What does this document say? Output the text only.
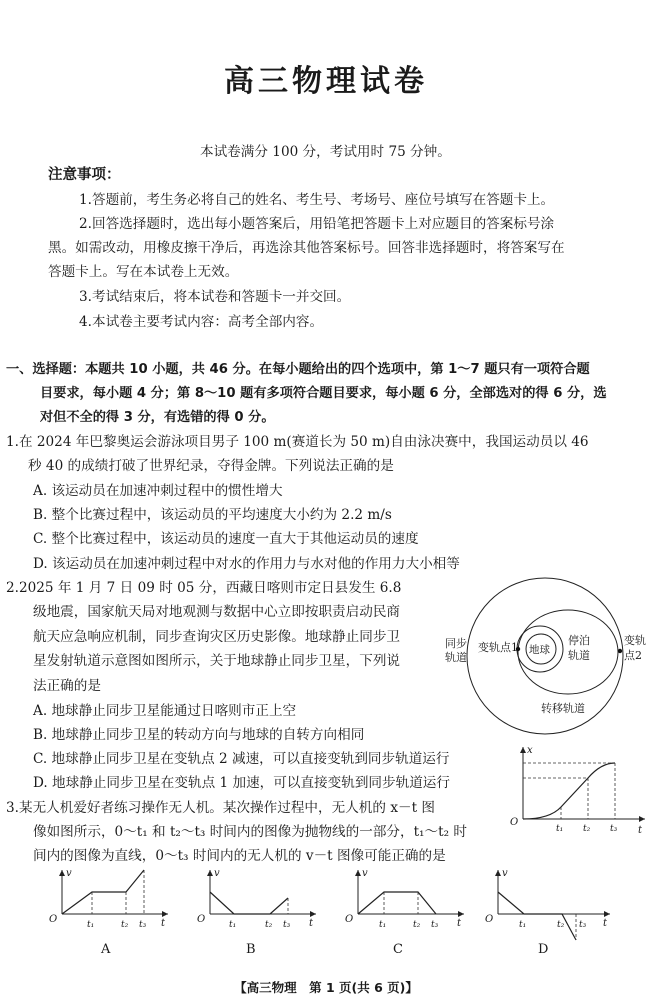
高三物理试卷
本试卷满分 100 分，考试用时 75 分钟。
注意事项：
1.答题前，考生务必将自己的姓名、考生号、考场号、座位号填写在答题卡上。
2.回答选择题时，选出每小题答案后，用铅笔把答题卡上对应题目的答案标号涂
黑。如需改动，用橡皮擦干净后，再选涂其他答案标号。回答非选择题时，将答案写在
答题卡上。写在本试卷上无效。
3.考试结束后，将本试卷和答题卡一并交回。
4.本试卷主要考试内容：高考全部内容。
一、选择题：本题共 10 小题，共 46 分。在每小题给出的四个选项中，第 1～7 题只有一项符合题
目要求，每小题 4 分；第 8～10 题有多项符合题目要求，每小题 6 分，全部选对的得 6 分，选
对但不全的得 3 分，有选错的得 0 分。
1.在 2024 年巴黎奥运会游泳项目男子 100 m(赛道长为 50 m)自由泳决赛中，我国运动员以 46
秒 40 的成绩打破了世界纪录，夺得金牌。下列说法正确的是
A. 该运动员在加速冲刺过程中的惯性增大
B. 整个比赛过程中，该运动员的平均速度大小约为 2.2 m/s
C. 整个比赛过程中，该运动员的速度一直大于其他运动员的速度
D. 该运动员在加速冲刺过程中对水的作用力与水对他的作用力大小相等
2.2025 年 1 月 7 日 09 时 05 分，西藏日喀则市定日县发生 6.8
级地震，国家航天局对地观测与数据中心立即按职责启动民商
航天应急响应机制，同步查询灾区历史影像。地球静止同步卫
星发射轨道示意图如图所示，关于地球静止同步卫星，下列说
法正确的是
A. 地球静止同步卫星能通过日喀则市正上空
B. 地球静止同步卫星的转动方向与地球的自转方向相同
C. 地球静止同步卫星在变轨点 2 减速，可以直接变轨到同步轨道运行
D. 地球静止同步卫星在变轨点 1 加速，可以直接变轨到同步轨道运行
同步
轨道
变轨点1 地球
停泊
轨道
变轨
点2
转移轨道
3.某无人机爱好者练习操作无人机。某次操作过程中，无人机的 x－t 图
像如图所示，0～t₁ 和 t₂～t₃ 时间内的图像为抛物线的一部分，t₁～t₂ 时
间内的图像为直线，0～t₃ 时间内的无人机的 v－t 图像可能正确的是
x
t
O
t₁ t₂ t₃
v
t
O	t₁	t₂ t₃
A
v
t
O	t₁	t₂ t₃
B
v
t
O	t₁	t₂ t₃
C
v
t
O	t₁	t₂ t₃
D
【高三物理　第 1 页(共 6 页)】
